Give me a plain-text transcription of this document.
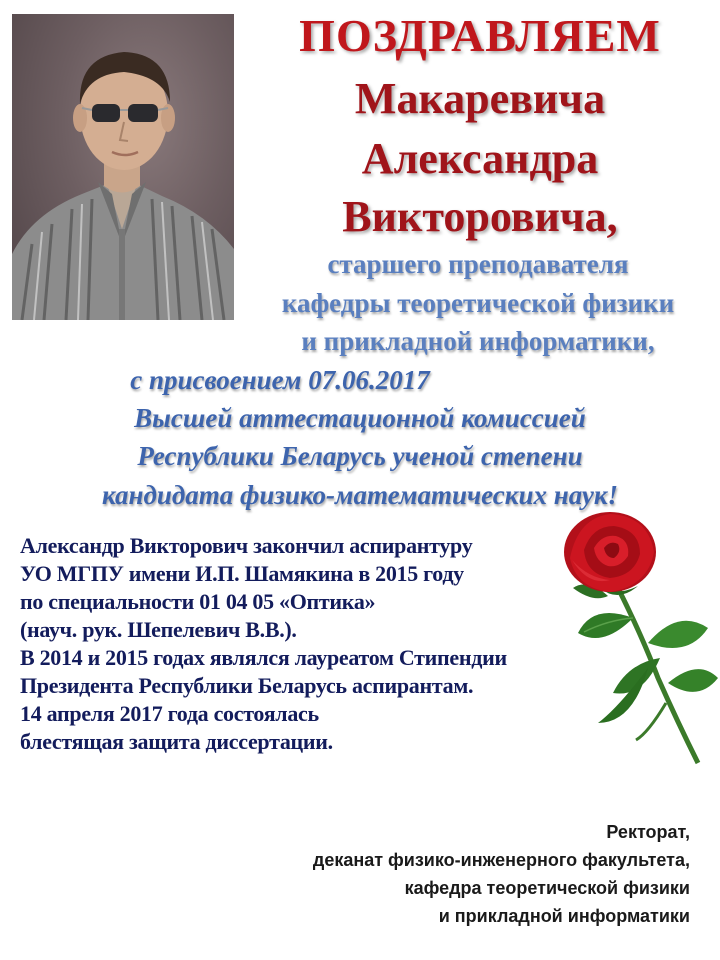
ПОЗДРАВЛЯЕМ
Макаревича
Александра
Викторовича,
старшего преподавателя
кафедры теоретической физики
и прикладной информатики,
с присвоением 07.06.2017
Высшей аттестационной комиссией
Республики Беларусь ученой степени
кандидата физико-математических наук!
Александр Викторович закончил аспирантуру
УО МГПУ имени И.П. Шамякина в 2015 году
по специальности 01 04 05 «Оптика»
(науч. рук. Шепелевич В.В.).
В 2014 и 2015 годах являлся лауреатом Стипендии
Президента Республики Беларусь аспирантам.
14 апреля 2017 года состоялась
блестящая защита диссертации.
Ректорат,
деканат физико-инженерного факультета,
кафедра теоретической физики
и прикладной информатики
